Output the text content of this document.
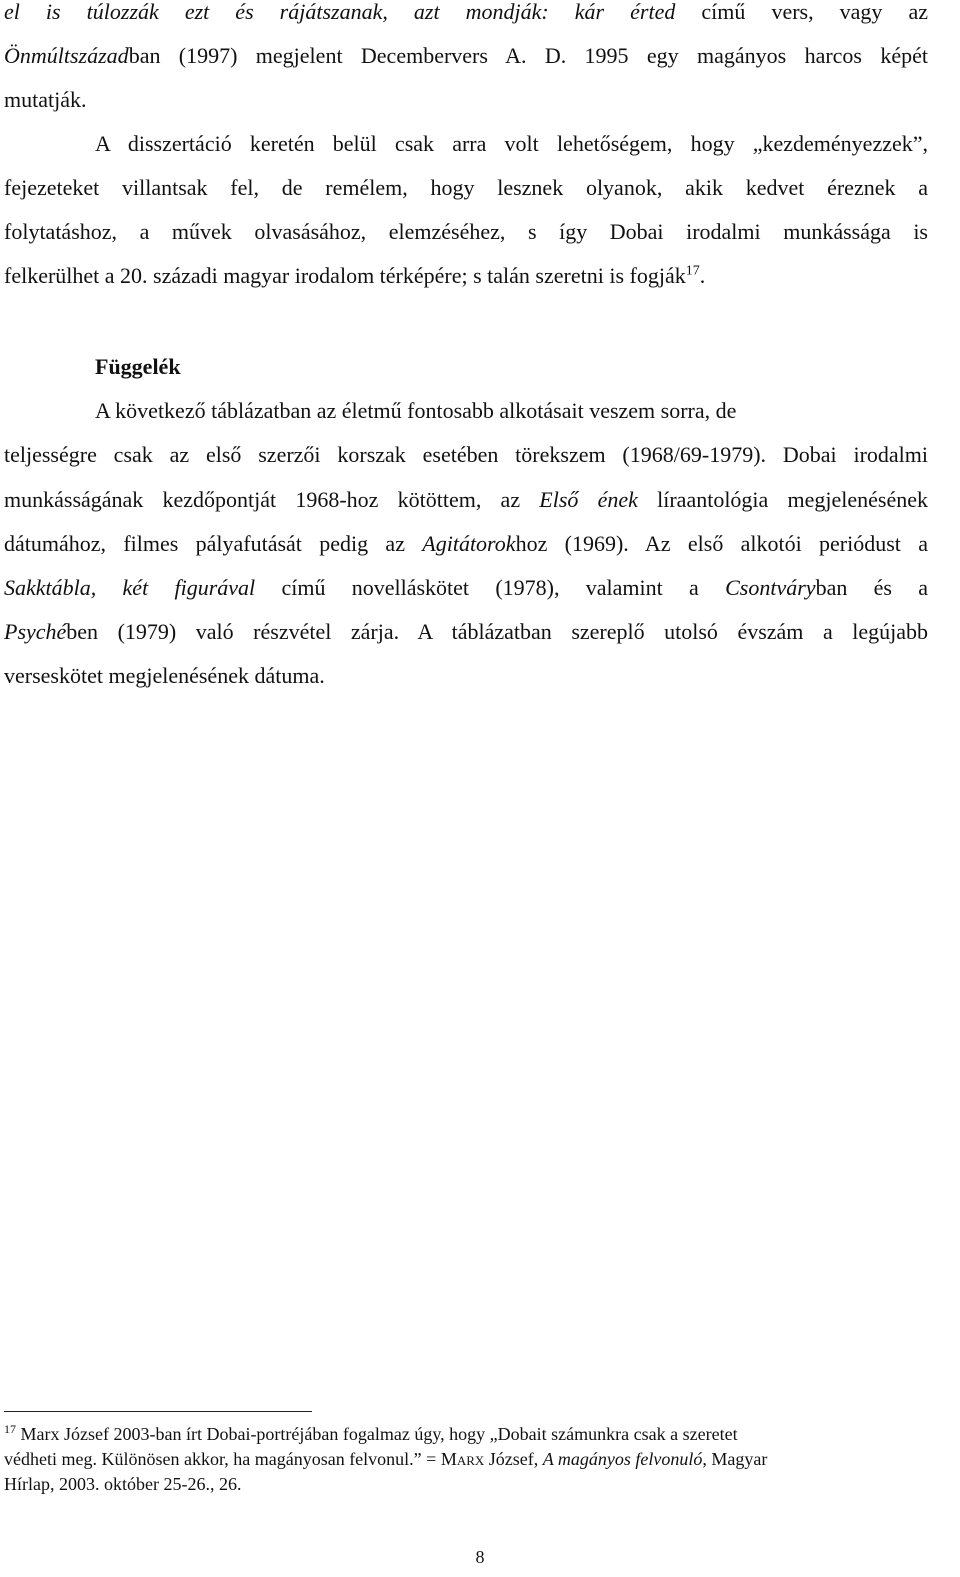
el is túlozzák ezt és rájátszanak, azt mondják: kár érted című vers, vagy az
Önmúltszázadban (1997) megjelent Decembervers A. D. 1995 egy magányos harcos képét
mutatják.
A disszertáció keretén belül csak arra volt lehetőségem, hogy „kezdeményezzek”,
fejezeteket villantsak fel, de remélem, hogy lesznek olyanok, akik kedvet éreznek a
folytatáshoz, a művek olvasásához, elemzéséhez, s így Dobai irodalmi munkássága is
felkerülhet a 20. századi magyar irodalom térképére; s talán szeretni is fogják$^{17}$.
Függelék
A következő táblázatban az életmű fontosabb alkotásait veszem sorra, de
teljességre csak az első szerzői korszak esetében törekszem (1968/69-1979). Dobai irodalmi
munkásságának kezdőpontját 1968-hoz kötöttem, az Első ének líraantológia megjelenésének
dátumához, filmes pályafutását pedig az Agitátorokhoz (1969). Az első alkotói periódust a
Sakktábla, két figurával című novelláskötet (1978), valamint a Csontváryban és a
Psychében (1979) való részvétel zárja. A táblázatban szereplő utolsó évszám a legújabb
verseskötet megjelenésének dátuma.
$^{17}$ Marx József 2003-ban írt Dobai-portréjában fogalmaz úgy, hogy „Dobait számunkra csak a szeretet
védheti meg. Különösen akkor, ha magányosan felvonul.” = Marx József, A magányos felvonuló, Magyar
Hírlap, 2003. október 25-26., 26.
8
